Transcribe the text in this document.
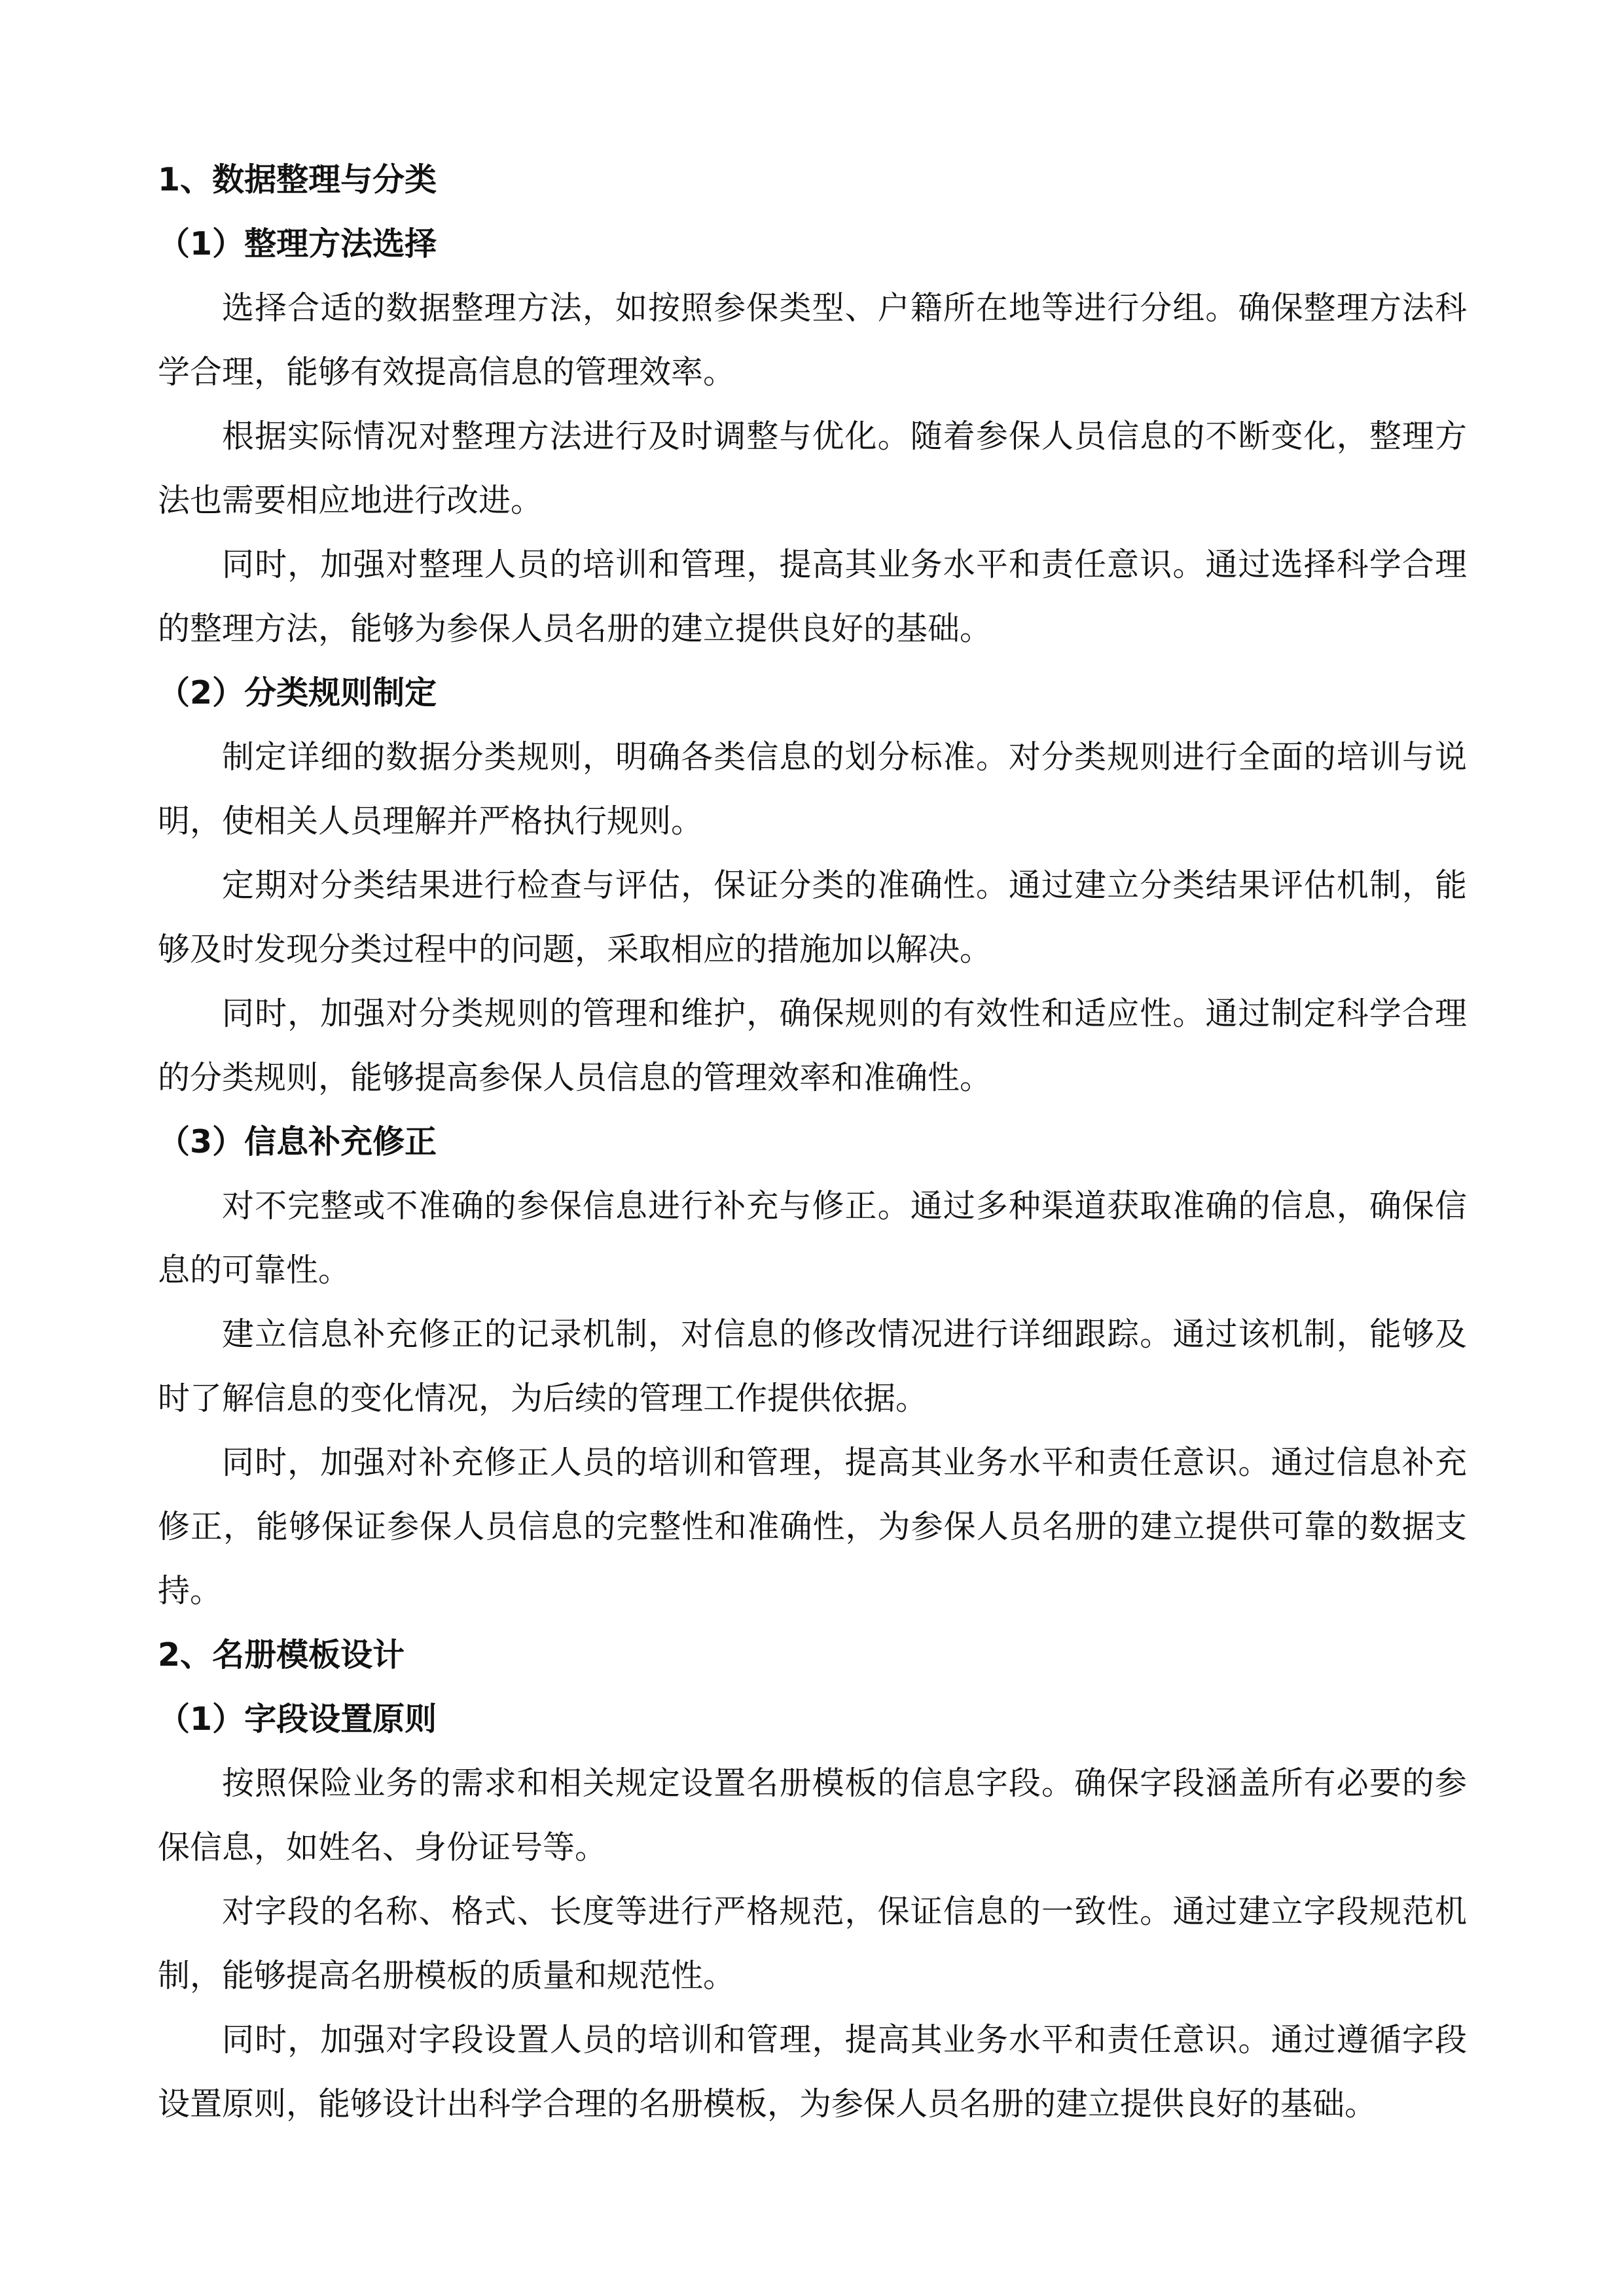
1、数据整理与分类
（1）整理方法选择

选择合适的数据整理方法，如按照参保类型、户籍所在地等进行分组。确保整理方法科学合理，能够有效提高信息的管理效率。

根据实际情况对整理方法进行及时调整与优化。随着参保人员信息的不断变化，整理方法也需要相应地进行改进。

同时，加强对整理人员的培训和管理，提高其业务水平和责任意识。通过选择科学合理的整理方法，能够为参保人员名册的建立提供良好的基础。

（2）分类规则制定

制定详细的数据分类规则，明确各类信息的划分标准。对分类规则进行全面的培训与说明，使相关人员理解并严格执行规则。

定期对分类结果进行检查与评估，保证分类的准确性。通过建立分类结果评估机制，能够及时发现分类过程中的问题，采取相应的措施加以解决。

同时，加强对分类规则的管理和维护，确保规则的有效性和适应性。通过制定科学合理的分类规则，能够提高参保人员信息的管理效率和准确性。

（3）信息补充修正

对不完整或不准确的参保信息进行补充与修正。通过多种渠道获取准确的信息，确保信息的可靠性。

建立信息补充修正的记录机制，对信息的修改情况进行详细跟踪。通过该机制，能够及时了解信息的变化情况，为后续的管理工作提供依据。

同时，加强对补充修正人员的培训和管理，提高其业务水平和责任意识。通过信息补充修正，能够保证参保人员信息的完整性和准确性，为参保人员名册的建立提供可靠的数据支持。

2、名册模板设计
（1）字段设置原则

按照保险业务的需求和相关规定设置名册模板的信息字段。确保字段涵盖所有必要的参保信息，如姓名、身份证号等。

对字段的名称、格式、长度等进行严格规范，保证信息的一致性。通过建立字段规范机制，能够提高名册模板的质量和规范性。

同时，加强对字段设置人员的培训和管理，提高其业务水平和责任意识。通过遵循字段设置原则，能够设计出科学合理的名册模板，为参保人员名册的建立提供良好的基础。
